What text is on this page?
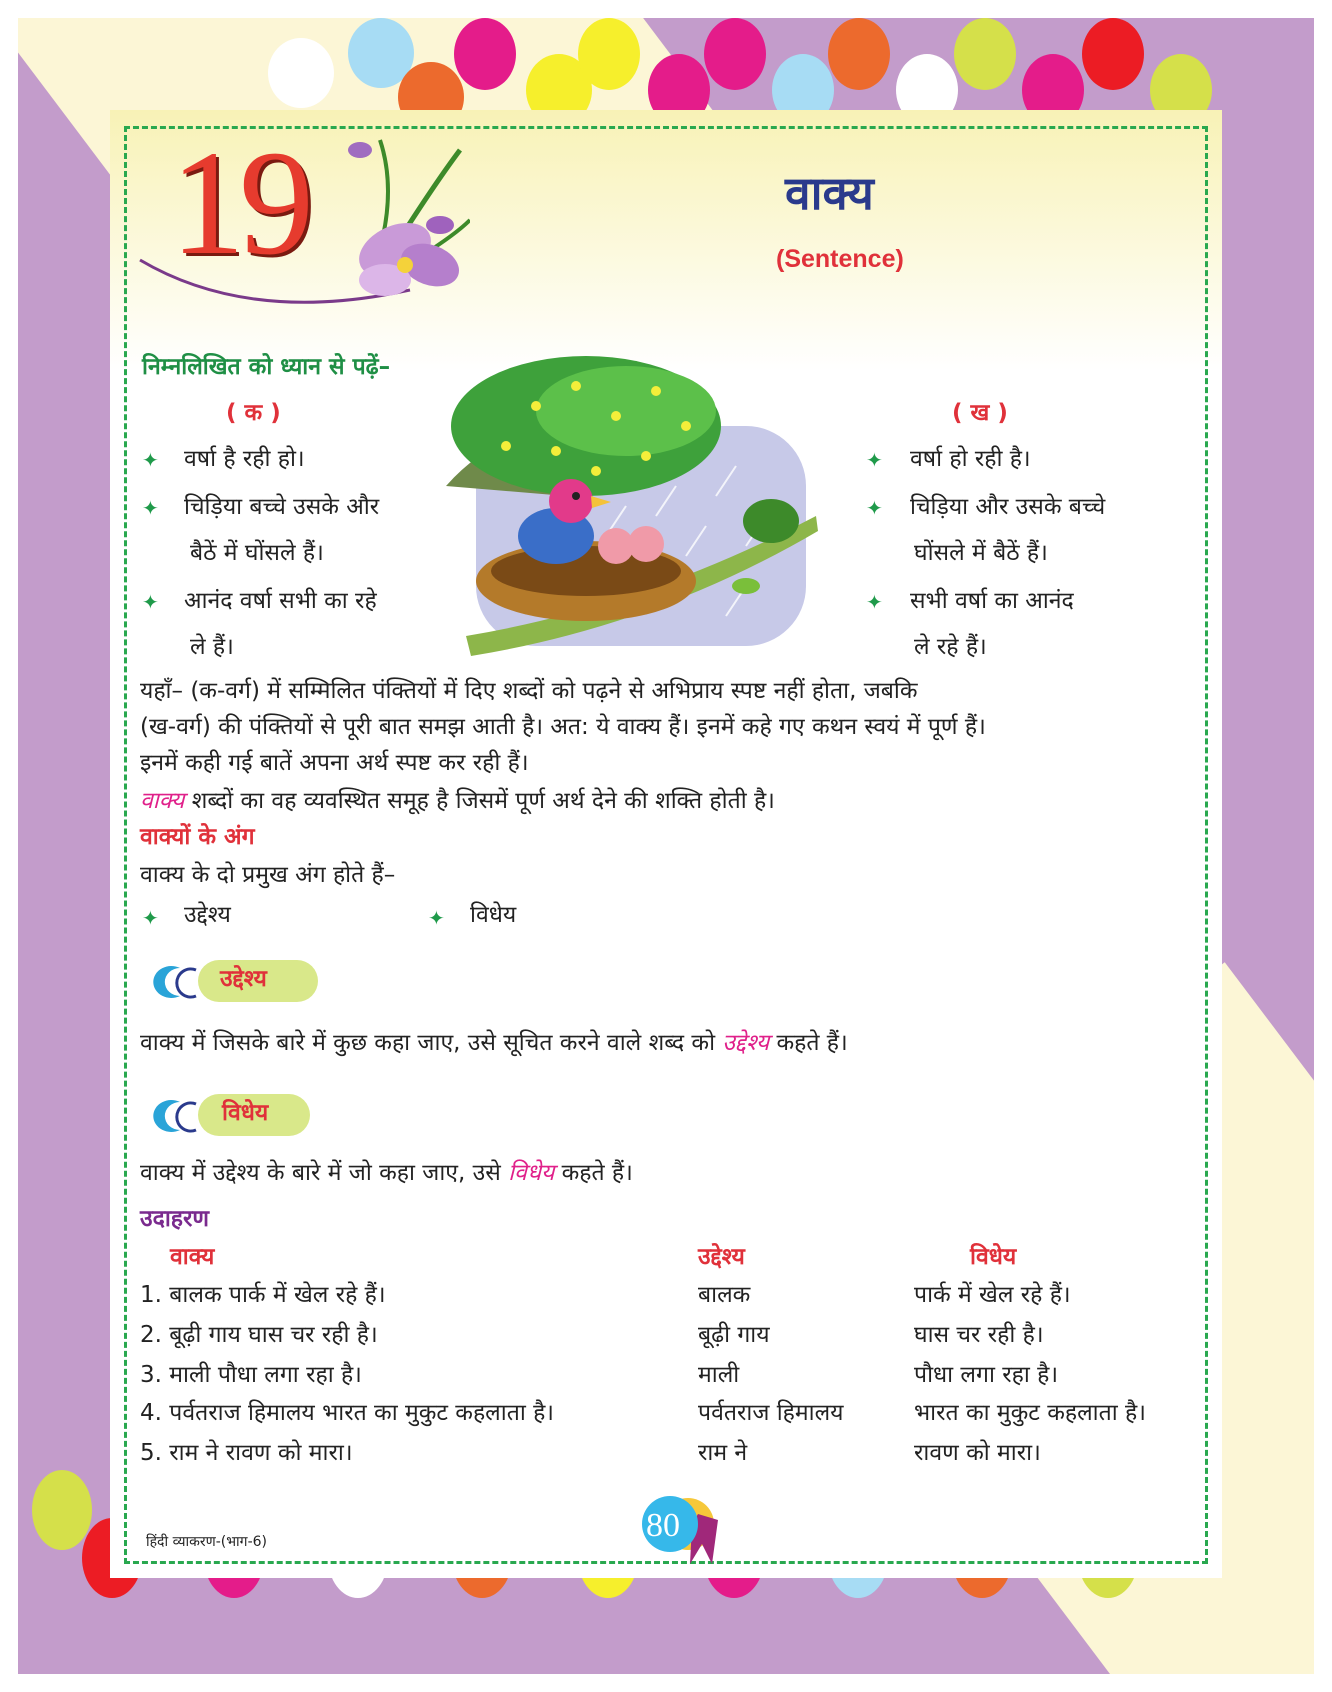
19	वाक्य
(Sentence)
निम्नलिखित को ध्यान से पढ़ें–
( क )
✦ वर्षा है रही हो।
✦ चिड़िया बच्चे उसके और
बैठें में घोंसले हैं।
✦ आनंद वर्षा सभी का रहे
ले हैं।
( ख )
✦ वर्षा हो रही है।
✦ चिड़िया और उसके बच्चे
घोंसले में बैठें हैं।
✦ सभी वर्षा का आनंद
ले रहे हैं।
यहाँ– (क-वर्ग) में सम्मिलित पंक्तियों में दिए शब्दों को पढ़ने से अभिप्राय स्पष्ट नहीं होता, जबकि
(ख-वर्ग) की पंक्तियों से पूरी बात समझ आती है। अत: ये वाक्य हैं। इनमें कहे गए कथन स्वयं में पूर्ण हैं।
इनमें कही गई बातें अपना अर्थ स्पष्ट कर रही हैं।
वाक्य शब्दों का वह व्यवस्थित समूह है जिसमें पूर्ण अर्थ देने की शक्ति होती है।
वाक्यों के अंग
वाक्य के दो प्रमुख अंग होते हैं–
✦ उद्देश्य	✦ विधेय
उद्देश्य
वाक्य में जिसके बारे में कुछ कहा जाए, उसे सूचित करने वाले शब्द को उद्देश्य कहते हैं।
विधेय
वाक्य में उद्देश्य के बारे में जो कहा जाए, उसे विधेय कहते हैं।
उदाहरण
वाक्य	उद्देश्य	विधेय
1. बालक पार्क में खेल रहे हैं।	बालक	पार्क में खेल रहे हैं।
2. बूढ़ी गाय घास चर रही है।	बूढ़ी गाय	घास चर रही है।
3. माली पौधा लगा रहा है।	माली	पौधा लगा रहा है।
4. पर्वतराज हिमालय भारत का मुकुट कहलाता है।	पर्वतराज हिमालय	भारत का मुकुट कहलाता है।
5. राम ने रावण को मारा।	राम ने	रावण को मारा।
हिंदी व्याकरण-(भाग-6)	80
